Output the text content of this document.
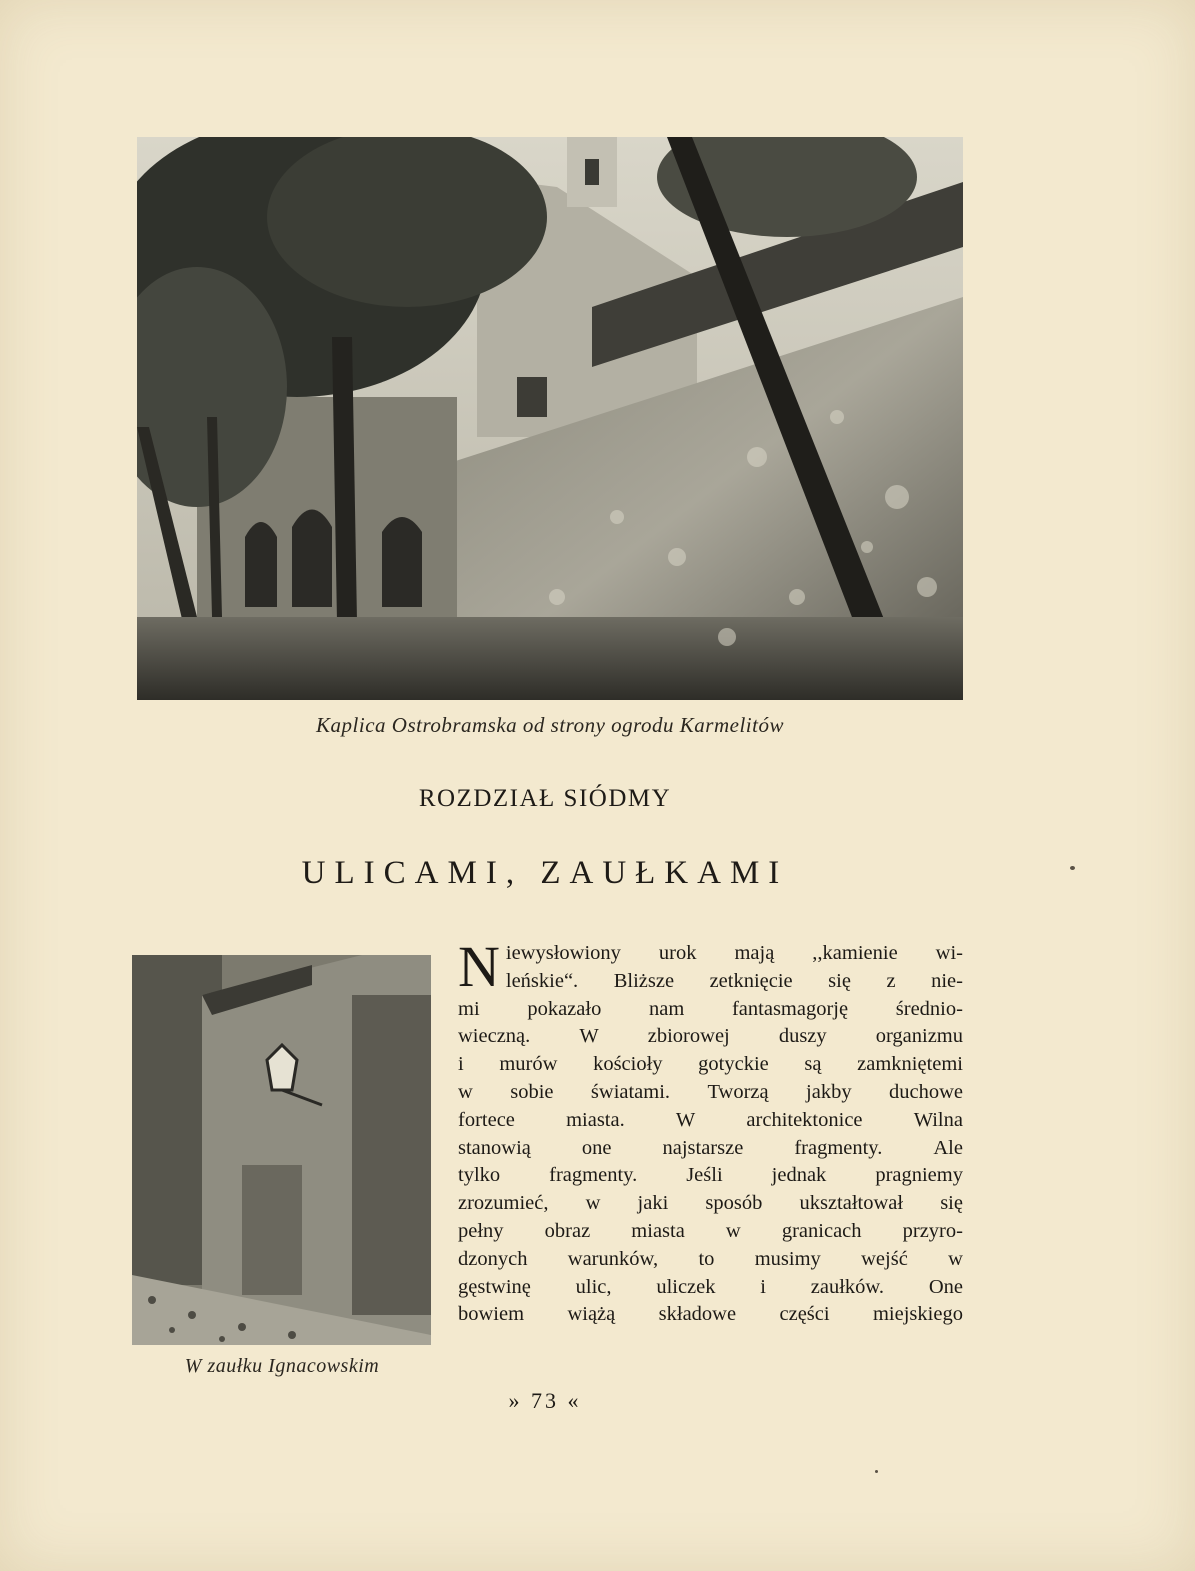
Kaplica Ostrobramska od strony ogrodu Karmelitów
ROZDZIAŁ SIÓDMY
ULICAMI, ZAUŁKAMI
W zaułku Ignacowskim
N iewysłowiony urok mają ,,kamienie wi-
leńskie“. Bliższe zetknięcie się z nie-
mi pokazało nam fantasmagorję średnio-
wieczną. W zbiorowej duszy organizmu
i murów kościoły gotyckie są zamkniętemi
w sobie światami. Tworzą jakby duchowe
fortece miasta. W architektonice Wilna
stanowią one najstarsze fragmenty. Ale
tylko fragmenty. Jeśli jednak pragniemy
zrozumieć, w jaki sposób ukształtował się
pełny obraz miasta w granicach przyro-
dzonych warunków, to musimy wejść w
gęstwinę ulic, uliczek i zaułków. One
bowiem wiążą składowe części miejskiego
» 73 «
